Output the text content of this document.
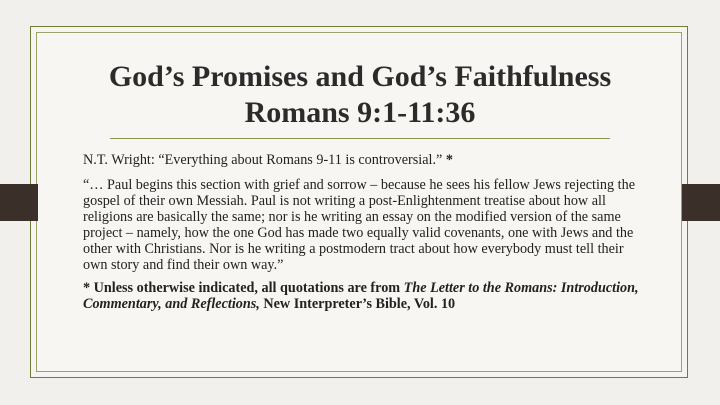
God’s Promises and God’s Faithfulness
Romans 9:1-11:36

N.T. Wright: “Everything about Romans 9-11 is controversial.” *

“… Paul begins this section with grief and sorrow – because he sees his fellow Jews rejecting the gospel of their own Messiah. Paul is not writing a post-Enlightenment treatise about how all religions are basically the same; nor is he writing an essay on the modified version of the same project – namely, how the one God has made two equally valid covenants, one with Jews and the other with Christians. Nor is he writing a postmodern tract about how everybody must tell their own story and find their own way.”

* Unless otherwise indicated, all quotations are from The Letter to the Romans: Introduction, Commentary, and Reflections, New Interpreter’s Bible, Vol. 10
